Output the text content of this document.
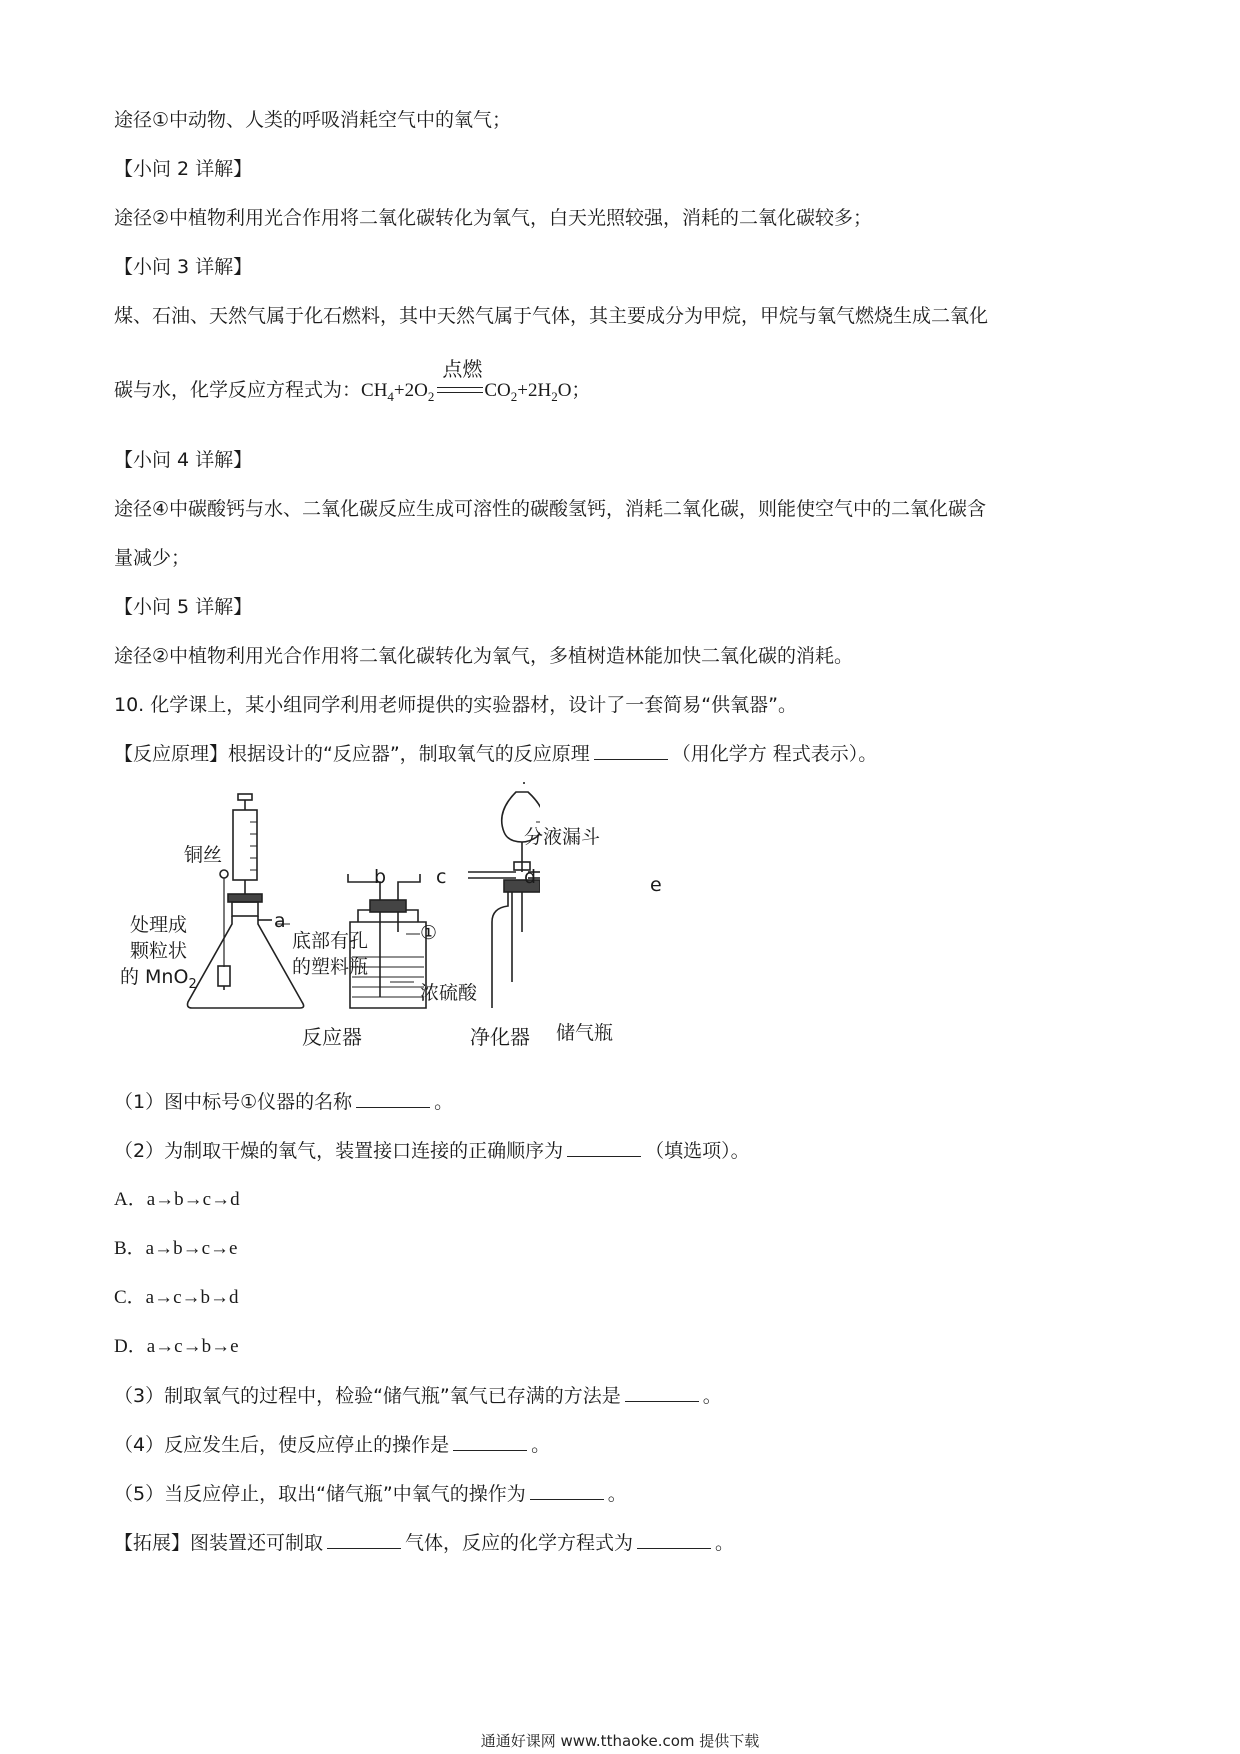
途径①中动物、人类的呼吸消耗空气中的氧气；
【小问 2 详解】
途径②中植物利用光合作用将二氧化碳转化为氧气，白天光照较强，消耗的二氧化碳较多；
【小问 3 详解】
煤、石油、天然气属于化石燃料，其中天然气属于气体，其主要成分为甲烷，甲烷与氧气燃烧生成二氧化
碳与水，化学反应方程式为：$CH_4+2O_2$
点燃
$CO_2+2H_2O$；
【小问 4 详解】
途径④中碳酸钙与水、二氧化碳反应生成可溶性的碳酸氢钙，消耗二氧化碳，则能使空气中的二氧化碳含
量减少；
【小问 5 详解】
途径②中植物利用光合作用将二氧化碳转化为氧气，多植树造林能加快二氧化碳的消耗。
10. 化学课上，某小组同学利用老师提供的实验器材，设计了一套简易“供氧器”。
【反应原理】根据设计的“反应器”，制取氧气的反应原理	（用化学方 程式表示）。
反应器	净化器
铜丝
处理成
颗粒状
的 MnO$_2$
a
底部有孔
的塑料瓶
b	c
①
浓硫酸
分液漏斗
d	e
储气瓶
（1）图中标号①仪器的名称	。
（2）为制取干燥的氧气，装置接口连接的正确顺序为	（填选项）。
A．a→b→c→d
B．a→b→c→e
C．a→c→b→d
D．a→c→b→e
（3）制取氧气的过程中，检验“储气瓶”氧气已存满的方法是	。
（4）反应发生后，使反应停止的操作是	。
（5）当反应停止，取出“储气瓶”中氧气的操作为	。
【拓展】图装置还可制取	气体，反应的化学方程式为	。
通通好课网 www.tthaoke.com 提供下载
